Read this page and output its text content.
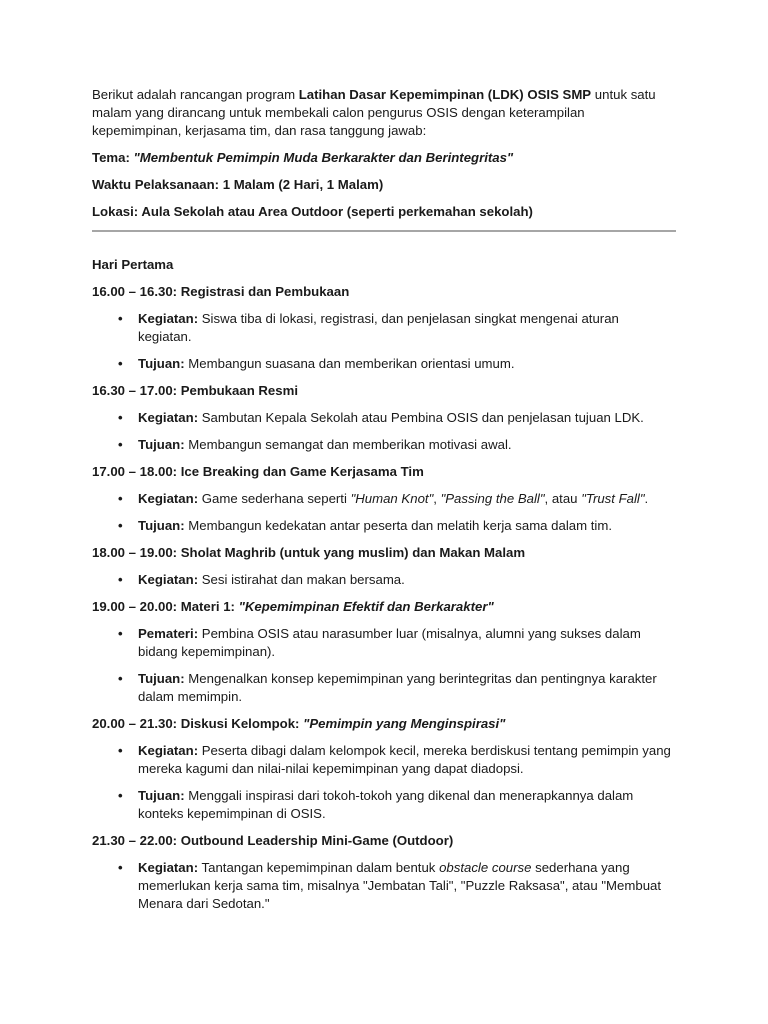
Berikut adalah rancangan program Latihan Dasar Kepemimpinan (LDK) OSIS SMP untuk satu malam yang dirancang untuk membekali calon pengurus OSIS dengan keterampilan kepemimpinan, kerjasama tim, dan rasa tanggung jawab:

Tema: "Membentuk Pemimpin Muda Berkarakter dan Berintegritas"

Waktu Pelaksanaan: 1 Malam (2 Hari, 1 Malam)

Lokasi: Aula Sekolah atau Area Outdoor (seperti perkemahan sekolah)

Hari Pertama

16.00 – 16.30: Registrasi dan Pembukaan

• Kegiatan: Siswa tiba di lokasi, registrasi, dan penjelasan singkat mengenai aturan kegiatan.
• Tujuan: Membangun suasana dan memberikan orientasi umum.

16.30 – 17.00: Pembukaan Resmi

• Kegiatan: Sambutan Kepala Sekolah atau Pembina OSIS dan penjelasan tujuan LDK.
• Tujuan: Membangun semangat dan memberikan motivasi awal.

17.00 – 18.00: Ice Breaking dan Game Kerjasama Tim

• Kegiatan: Game sederhana seperti "Human Knot", "Passing the Ball", atau "Trust Fall".
• Tujuan: Membangun kedekatan antar peserta dan melatih kerja sama dalam tim.

18.00 – 19.00: Sholat Maghrib (untuk yang muslim) dan Makan Malam

• Kegiatan: Sesi istirahat dan makan bersama.

19.00 – 20.00: Materi 1: "Kepemimpinan Efektif dan Berkarakter"

• Pemateri: Pembina OSIS atau narasumber luar (misalnya, alumni yang sukses dalam bidang kepemimpinan).
• Tujuan: Mengenalkan konsep kepemimpinan yang berintegritas dan pentingnya karakter dalam memimpin.

20.00 – 21.30: Diskusi Kelompok: "Pemimpin yang Menginspirasi"

• Kegiatan: Peserta dibagi dalam kelompok kecil, mereka berdiskusi tentang pemimpin yang mereka kagumi dan nilai-nilai kepemimpinan yang dapat diadopsi.
• Tujuan: Menggali inspirasi dari tokoh-tokoh yang dikenal dan menerapkannya dalam konteks kepemimpinan di OSIS.

21.30 – 22.00: Outbound Leadership Mini-Game (Outdoor)

• Kegiatan: Tantangan kepemimpinan dalam bentuk obstacle course sederhana yang memerlukan kerja sama tim, misalnya "Jembatan Tali", "Puzzle Raksasa", atau "Membuat Menara dari Sedotan."
